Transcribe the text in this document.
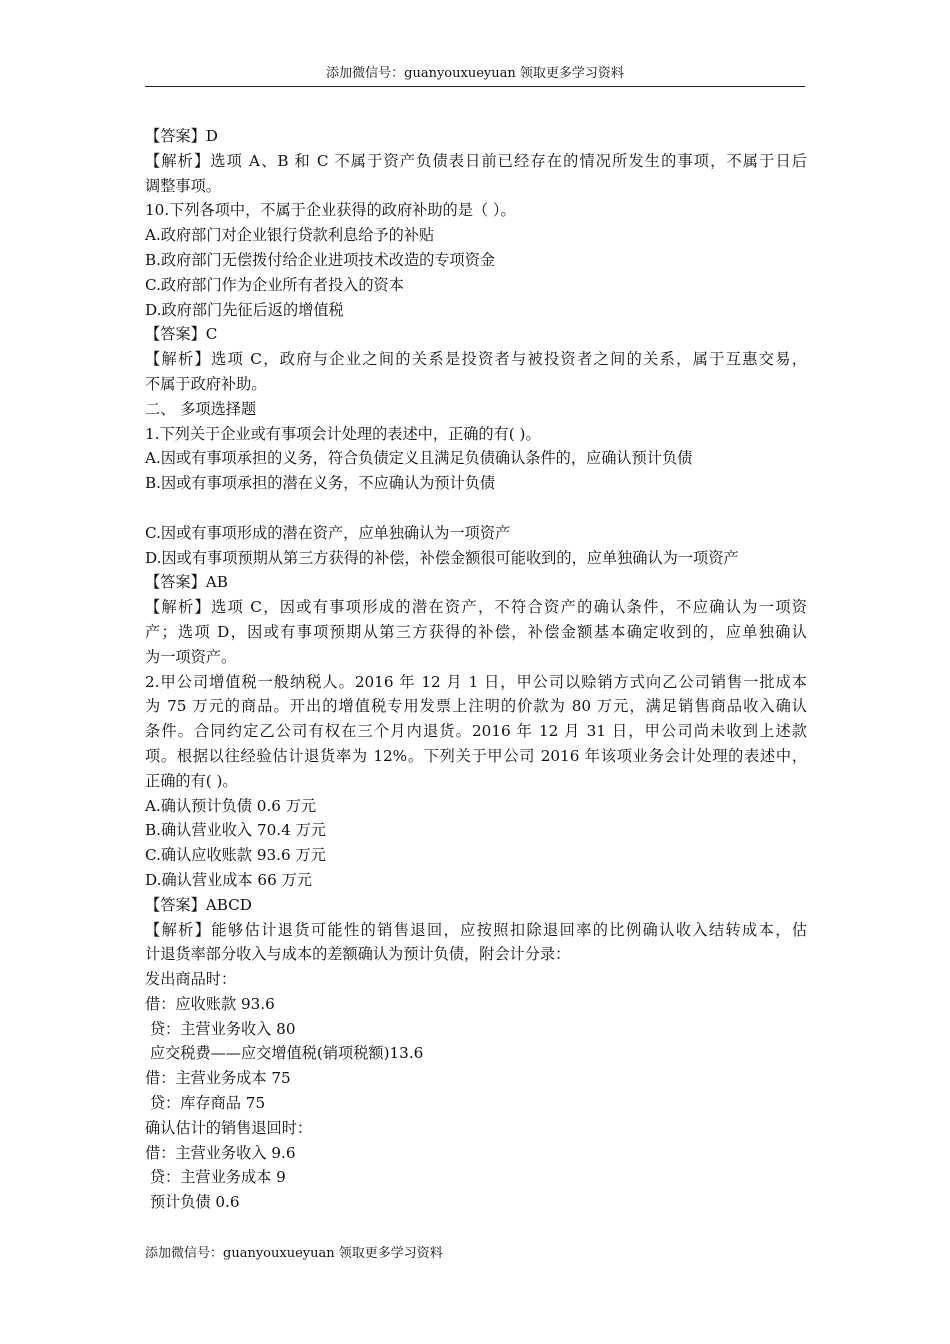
添加微信号：guanyouxueyuan 领取更多学习资料
【答案】D
【解析】选项 A、B 和 C 不属于资产负债表日前已经存在的情况所发生的事项，不属于日后
调整事项。
10.下列各项中，不属于企业获得的政府补助的是（ ）。
A.政府部门对企业银行贷款利息给予的补贴
B.政府部门无偿拨付给企业进项技术改造的专项资金
C.政府部门作为企业所有者投入的资本
D.政府部门先征后返的增值税
【答案】C
【解析】选项 C，政府与企业之间的关系是投资者与被投资者之间的关系，属于互惠交易，
不属于政府补助。
二、 多项选择题
1.下列关于企业或有事项会计处理的表述中，正确的有( )。
A.因或有事项承担的义务，符合负债定义且满足负债确认条件的，应确认预计负债
B.因或有事项承担的潜在义务，不应确认为预计负债
C.因或有事项形成的潜在资产，应单独确认为一项资产
D.因或有事项预期从第三方获得的补偿，补偿金额很可能收到的，应单独确认为一项资产
【答案】AB
【解析】选项 C，因或有事项形成的潜在资产，不符合资产的确认条件，不应确认为一项资
产；选项 D，因或有事项预期从第三方获得的补偿，补偿金额基本确定收到的，应单独确认
为一项资产。
2.甲公司增值税一般纳税人。2016 年 12 月 1 日，甲公司以赊销方式向乙公司销售一批成本
为 75 万元的商品。开出的增值税专用发票上注明的价款为 80 万元，满足销售商品收入确认
条件。合同约定乙公司有权在三个月内退货。2016 年 12 月 31 日，甲公司尚未收到上述款
项。根据以往经验估计退货率为 12%。下列关于甲公司 2016 年该项业务会计处理的表述中，
正确的有( )。
A.确认预计负债 0.6 万元
B.确认营业收入 70.4 万元
C.确认应收账款 93.6 万元
D.确认营业成本 66 万元
【答案】ABCD
【解析】能够估计退货可能性的销售退回，应按照扣除退回率的比例确认收入结转成本，估
计退货率部分收入与成本的差额确认为预计负债，附会计分录：
发出商品时：
借：应收账款 93.6
贷：主营业务收入 80
应交税费——应交增值税(销项税额)13.6
借：主营业务成本 75
贷：库存商品 75
确认估计的销售退回时：
借：主营业务收入 9.6
贷：主营业务成本 9
预计负债 0.6
添加微信号：guanyouxueyuan 领取更多学习资料
